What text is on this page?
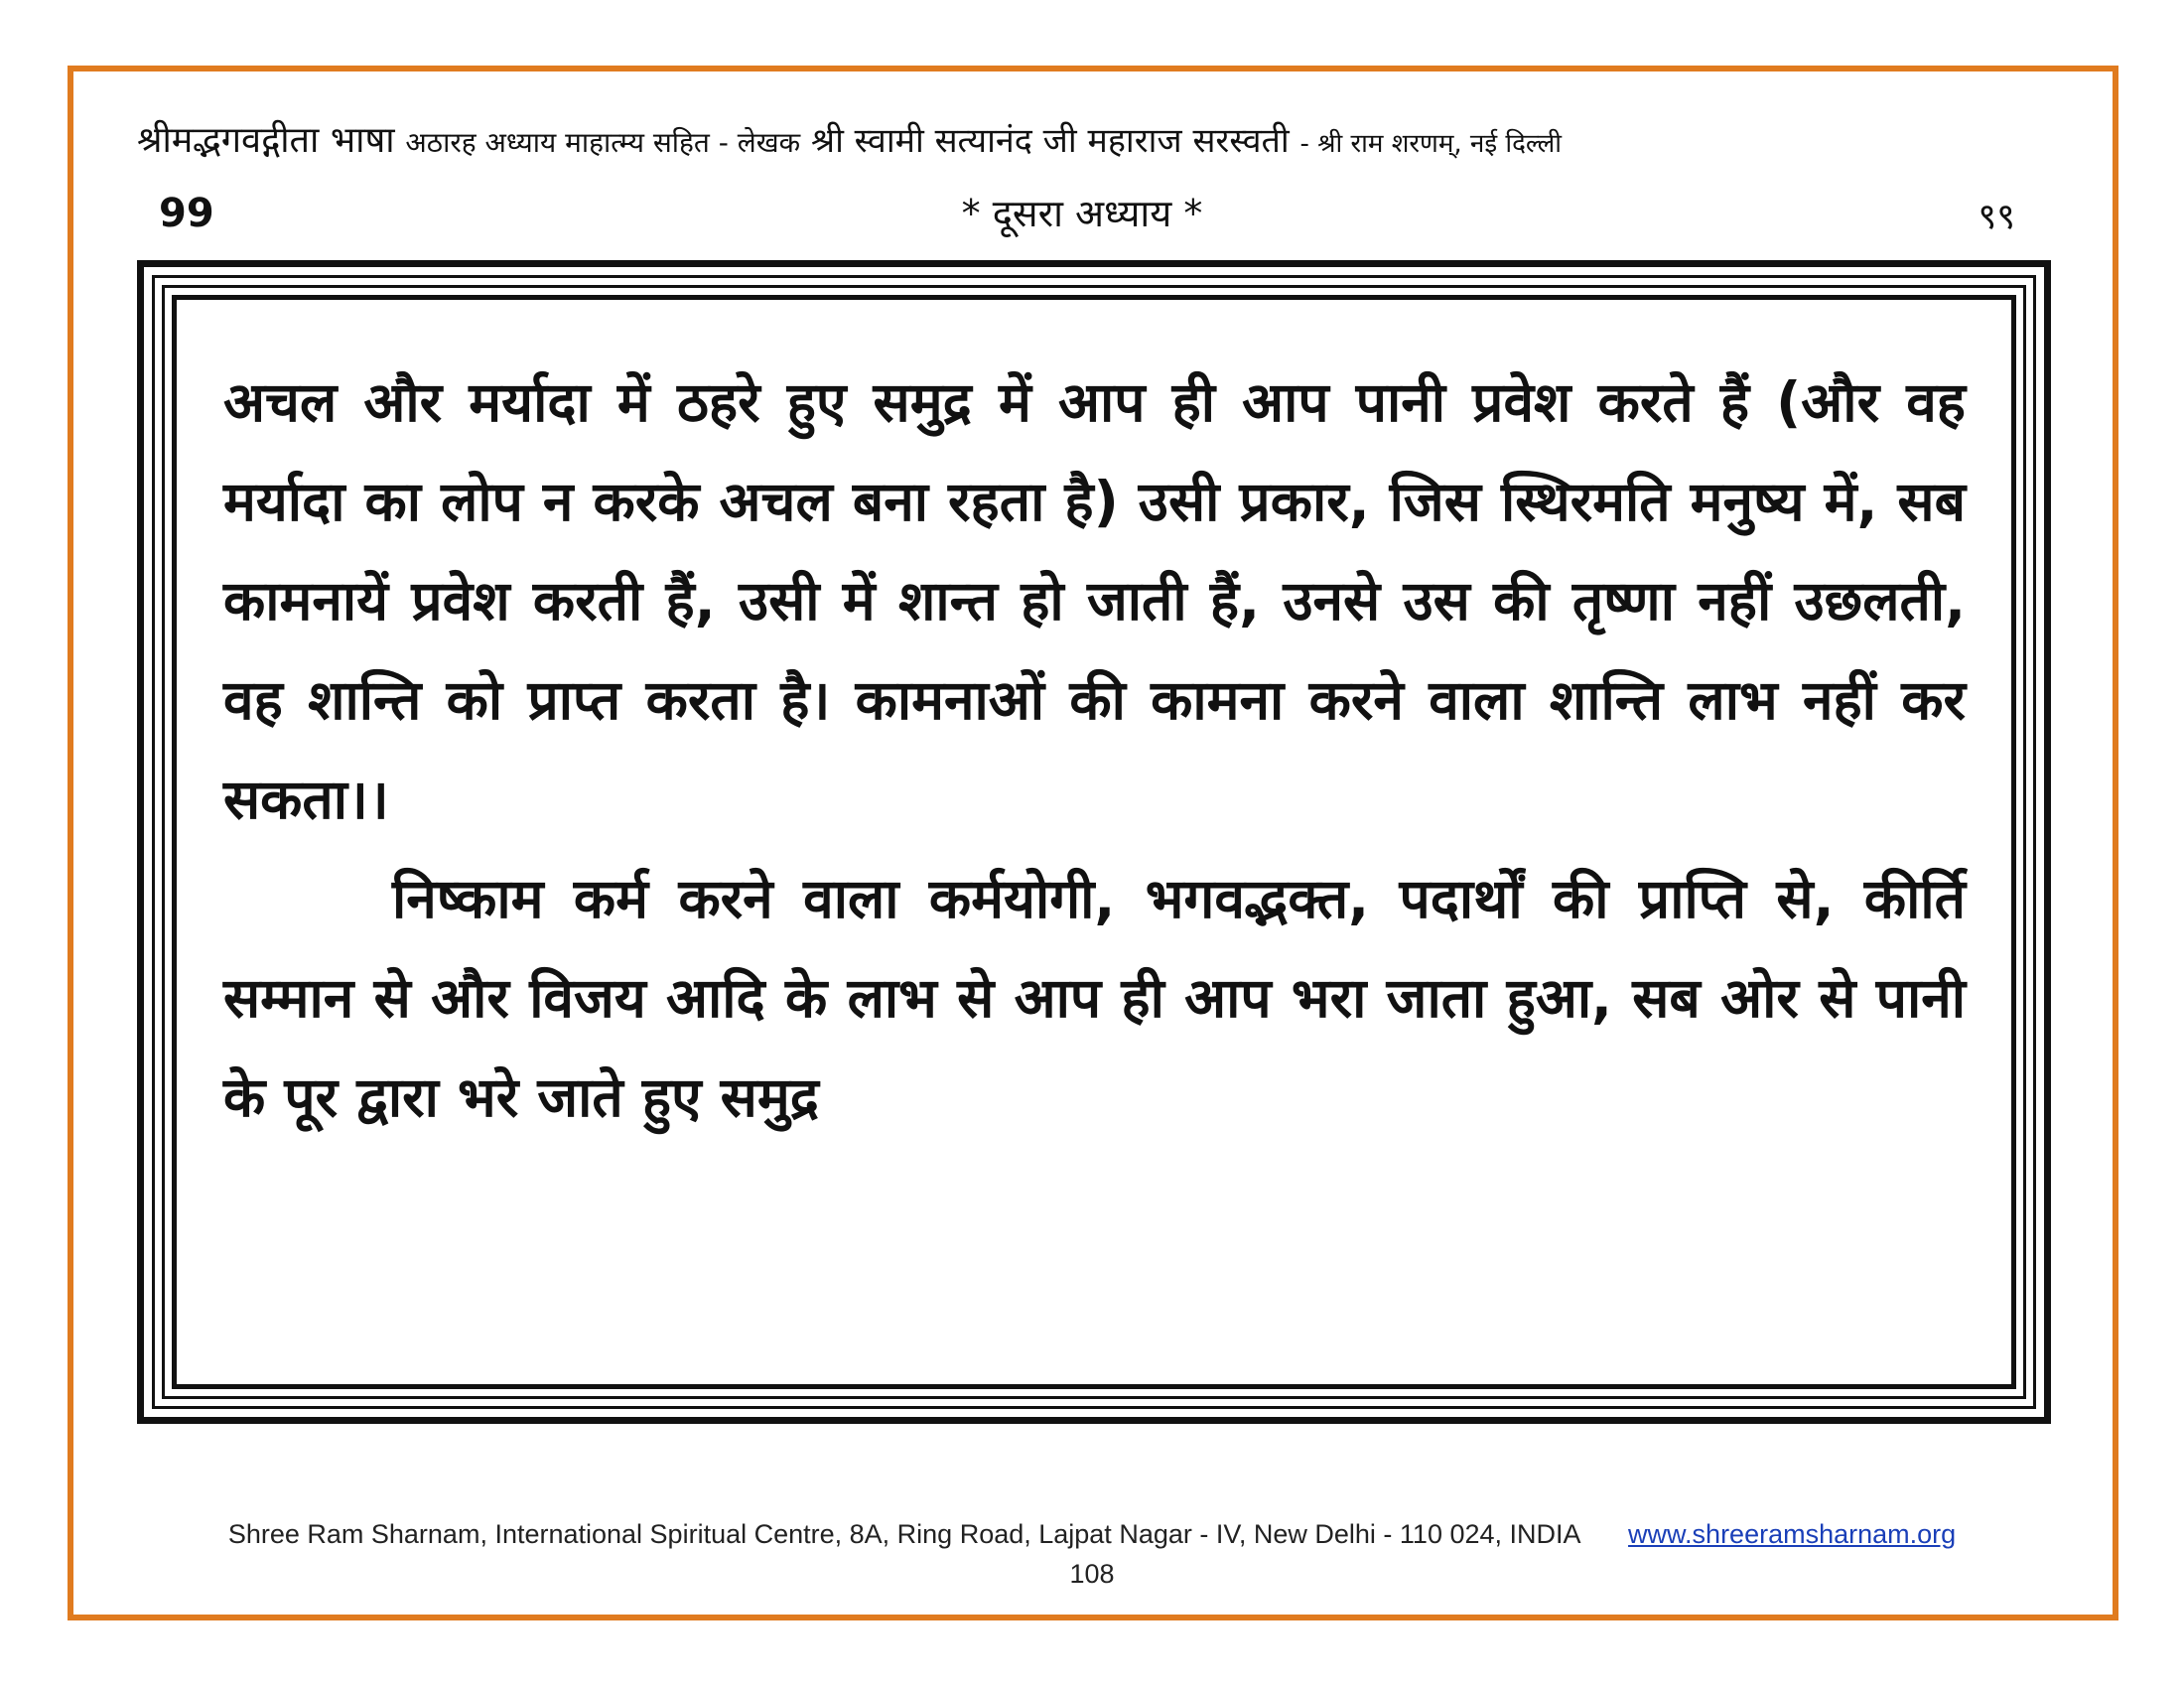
श्रीमद्भगवद्गीता भाषा अठारह अध्याय माहात्म्य सहित - लेखक श्री स्वामी सत्यानंद जी महाराज सरस्वती - श्री राम शरणम्, नई दिल्ली
99	* दूसरा अध्याय *	९९

अचल और मर्यादा में ठहरे हुए समुद्र में आप ही आप पानी प्रवेश करते हैं (और वह मर्यादा का लोप न करके अचल बना रहता है) उसी प्रकार, जिस स्थिरमति मनुष्य में, सब कामनायें प्रवेश करती हैं, उसी में शान्त हो जाती हैं, उनसे उस की तृष्णा नहीं उछलती, वह शान्ति को प्राप्त करता है। कामनाओं की कामना करने वाला शान्ति लाभ नहीं कर सकता।।

निष्काम कर्म करने वाला कर्मयोगी, भगवद्भक्त, पदार्थों की प्राप्ति से, कीर्ति सम्मान से और विजय आदि के लाभ से आप ही आप भरा जाता हुआ, सब ओर से पानी के पूर द्वारा भरे जाते हुए समुद्र

Shree Ram Sharnam, International Spiritual Centre, 8A, Ring Road, Lajpat Nagar - IV, New Delhi - 110 024, INDIA www.shreeramsharnam.org
108
